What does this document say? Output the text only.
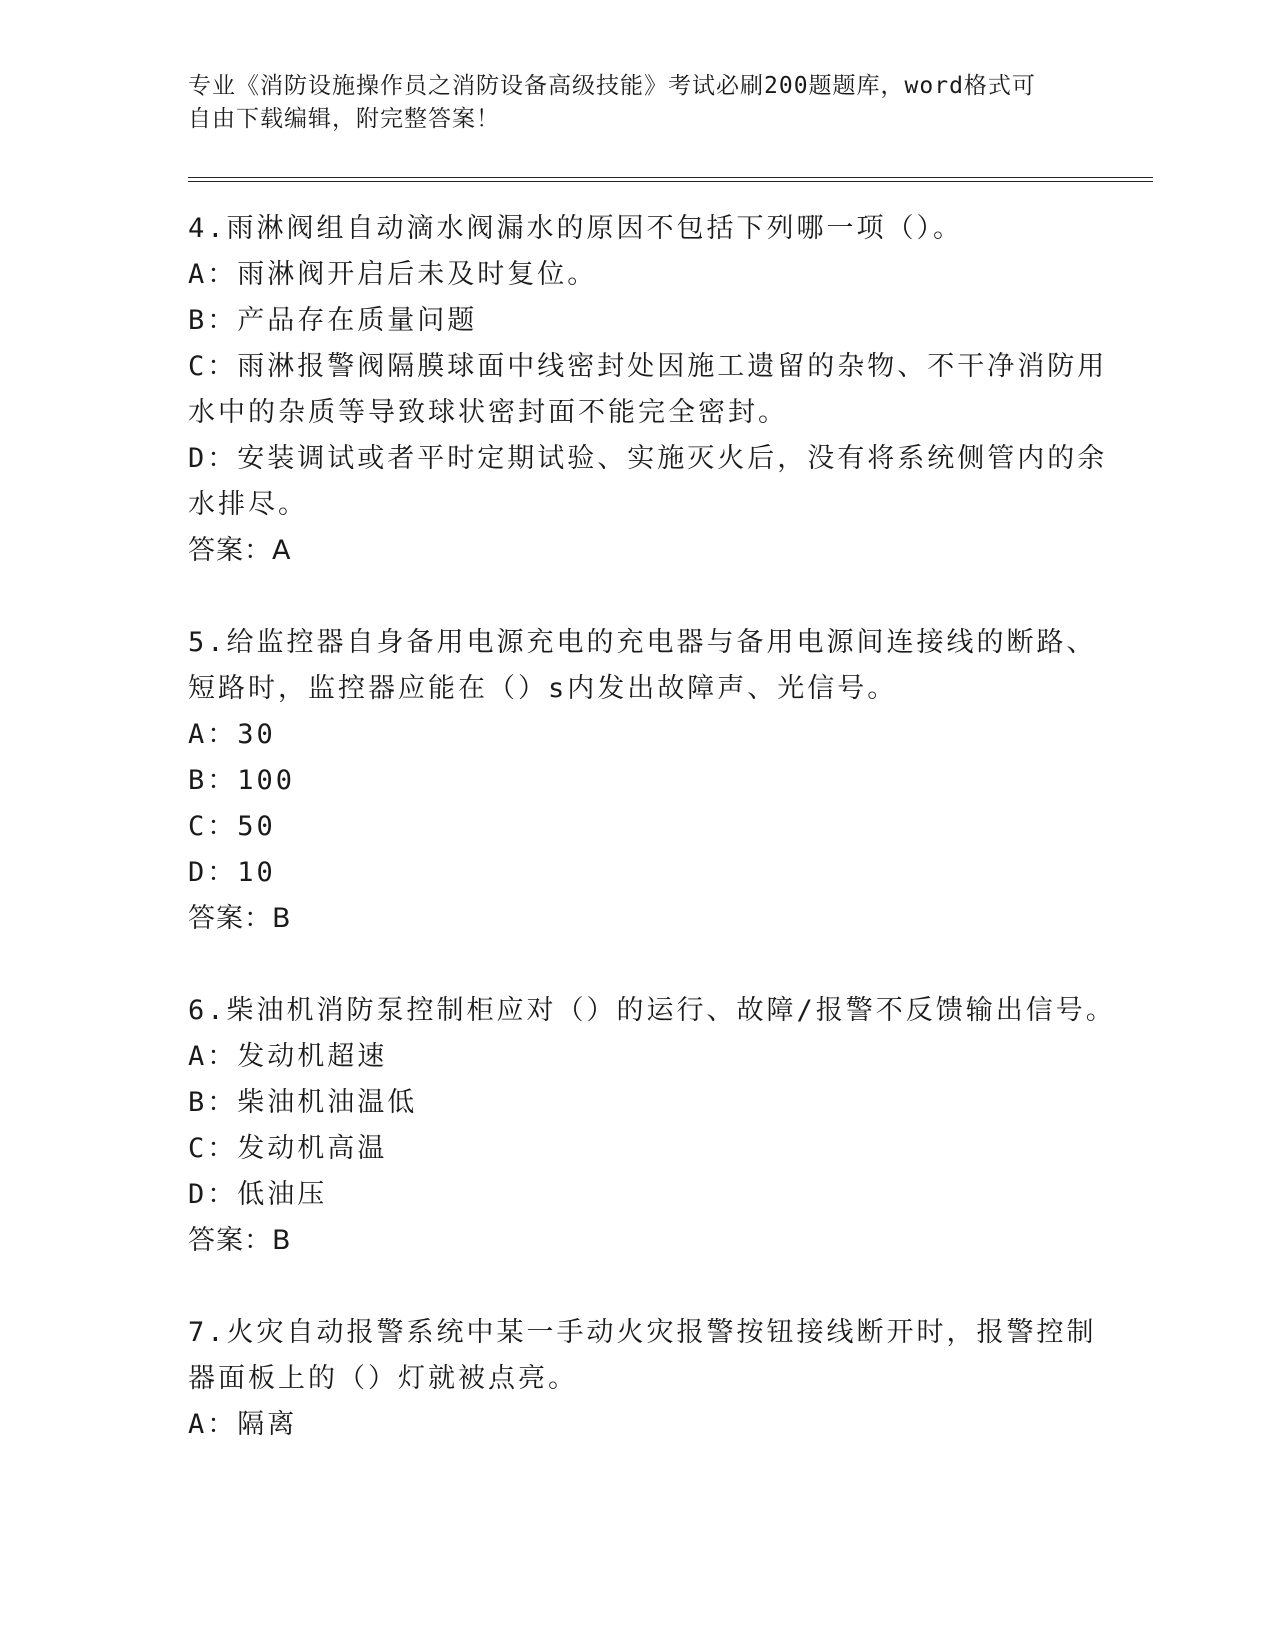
专业《消防设施操作员之消防设备高级技能》考试必刷200题题库，word格式可
自由下载编辑，附完整答案！
4.雨淋阀组自动滴水阀漏水的原因不包括下列哪一项（）。
A：雨淋阀开启后未及时复位。
B：产品存在质量问题
C：雨淋报警阀隔膜球面中线密封处因施工遗留的杂物、不干净消防用
水中的杂质等导致球状密封面不能完全密封。
D：安装调试或者平时定期试验、实施灭火后，没有将系统侧管内的余
水排尽。
答案：A
5.给监控器自身备用电源充电的充电器与备用电源间连接线的断路、
短路时，监控器应能在（）s内发出故障声、光信号。
A：30
B：100
C：50
D：10
答案：B
6.柴油机消防泵控制柜应对（）的运行、故障/报警不反馈输出信号。
A：发动机超速
B：柴油机油温低
C：发动机高温
D：低油压
答案：B
7.火灾自动报警系统中某一手动火灾报警按钮接线断开时，报警控制
器面板上的（）灯就被点亮。
A：隔离
